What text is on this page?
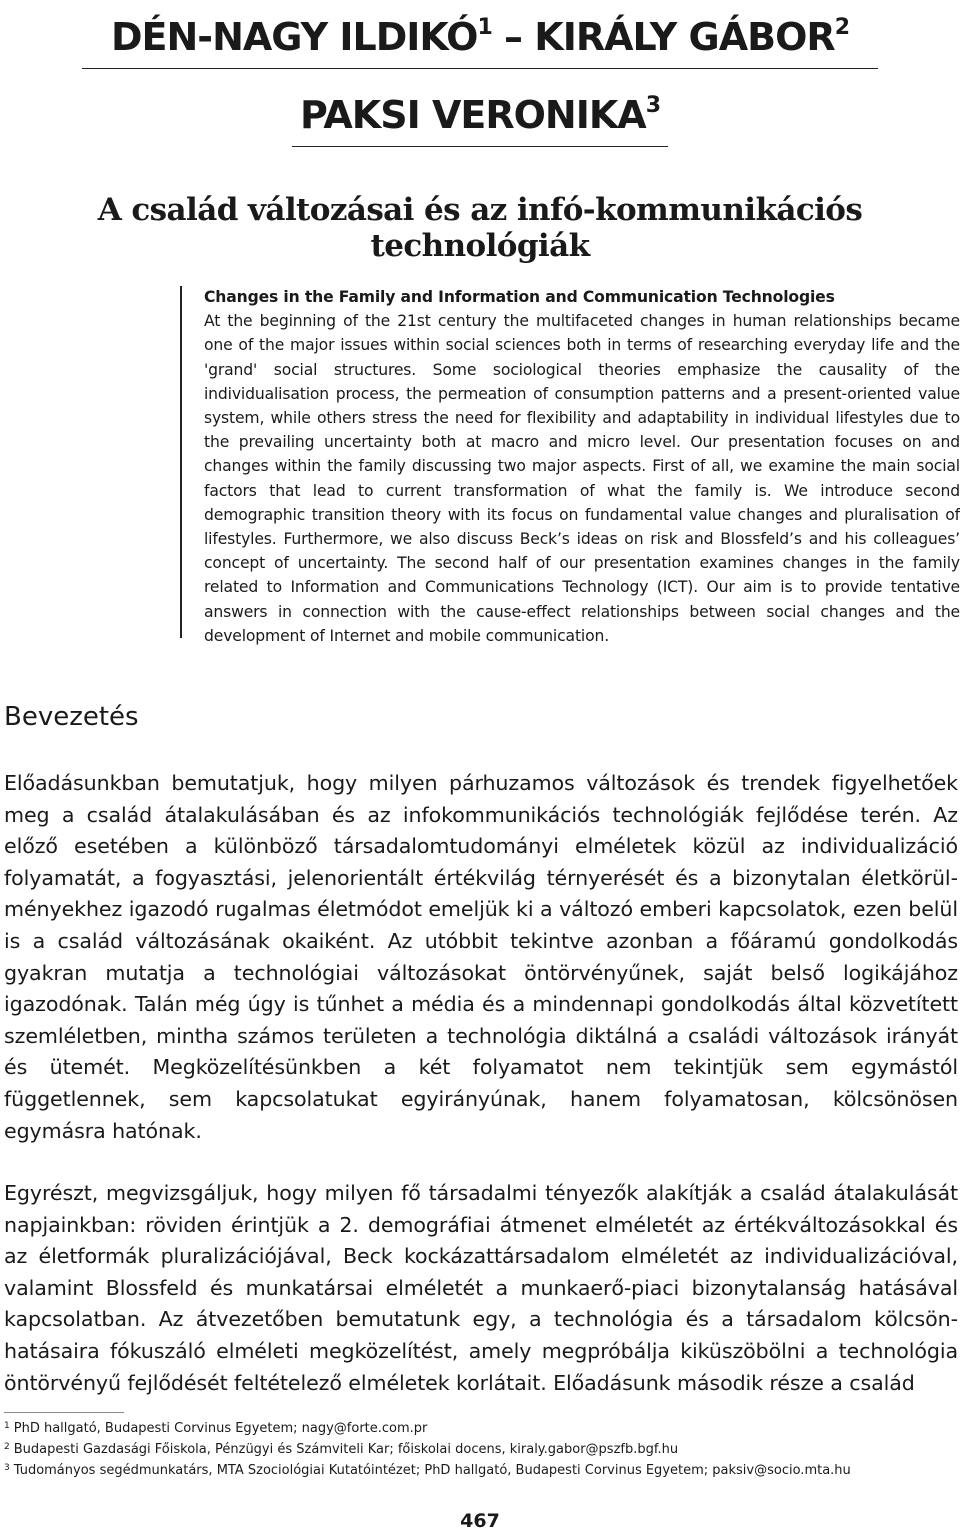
DÉN-NAGY ILDIKÓ$^1$ – KIRÁLY GÁBOR$^2$
PAKSI VERONIKA$^3$
A család változásai és az infó-kommunikációs technológiák
Changes in the Family and Information and Communication Technologies
At the beginning of the 21st century the multifaceted changes in human relationships became one of the major issues within social sciences both in terms of researching everyday life and the 'grand' social structures. Some sociological theories emphasize the causality of the individualisation process, the permeation of consumption patterns and a present-oriented value system, while others stress the need for flexibility and adaptability in individual lifestyles due to the prevailing uncertainty both at macro and micro level. Our presentation focuses on and changes within the family discussing two major aspects. First of all, we examine the main social factors that lead to current transformation of what the family is. We introduce second demographic transition theory with its focus on fundamental value changes and pluralisation of lifestyles. Furthermore, we also discuss Beck’s ideas on risk and Blossfeld’s and his colleagues’ concept of uncertainty. The second half of our presentation examines changes in the family related to Information and Communications Technology (ICT). Our aim is to provide tentative answers in connection with the cause-effect relationships between social changes and the development of Internet and mobile communication.
Bevezetés
Előadásunkban bemutatjuk, hogy milyen párhuzamos változások és trendek figyelhetőek meg a család átalakulásában és az infokommunikációs technológiák fejlődése terén. Az előző esetében a különböző társadalomtudományi elméletek közül az individualizáció folyamatát, a fogyasztási, jelenorientált értékvilág térnyerését és a bizonytalan életkörülményekhez igazodó rugalmas életmódot emeljük ki a változó emberi kapcsolatok, ezen belül is a család változásának okaiként. Az utóbbit tekintve azonban a főáramú gondolkodás gyakran mutatja a technológiai változásokat öntörvényűnek, saját belső logikájához igazodónak. Talán még úgy is tűnhet a média és a mindennapi gondolkodás által közvetített szemléletben, mintha számos területen a technológia diktálná a családi változások irányát és ütemét. Megközelítésünkben a két folyamatot nem tekintjük sem egymástól függetlennek, sem kapcsolatukat egyirányúnak, hanem folyamatosan, kölcsönösen egymásra hatónak.
Egyrészt, megvizsgáljuk, hogy milyen fő társadalmi tényezők alakítják a család átalakulását napjainkban: röviden érintjük a 2. demográfiai átmenet elméletét az értékváltozásokkal és az életformák pluralizációjával, Beck kockázattársadalom elméletét az individualizációval, valamint Blossfeld és munkatársai elméletét a munkaerő-piaci bizonytalanság hatásával kapcsolatban. Az átvezetőben bemutatunk egy, a technológia és a társadalom kölcsönhatásaira fókuszáló elméleti megközelítést, amely megpróbálja kiküszöbölni a technológia öntörvényű fejlődését feltételező elméletek korlátait. Előadásunk második része a család
$^1$ PhD hallgató, Budapesti Corvinus Egyetem; nagy@forte.com.pr
$^2$ Budapesti Gazdasági Főiskola, Pénzügyi és Számviteli Kar; főiskolai docens, kiraly.gabor@pszfb.bgf.hu
$^3$ Tudományos segédmunkatárs, MTA Szociológiai Kutatóintézet; PhD hallgató, Budapesti Corvinus Egyetem; paksiv@socio.mta.hu
467
